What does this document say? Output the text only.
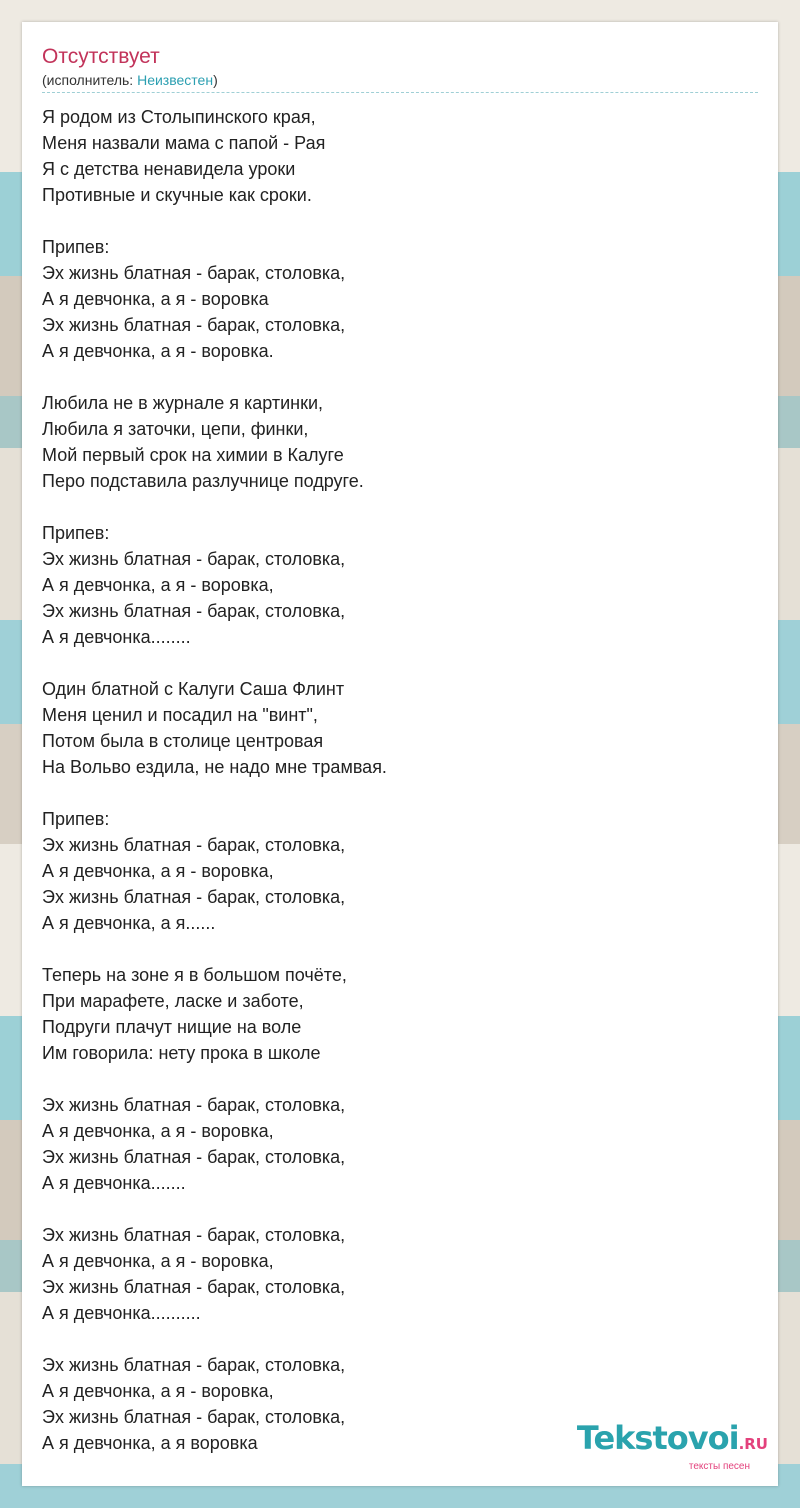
Отсутствует
(исполнитель: Неизвестен)
Я родом из Столыпинского края,
Меня назвали мама с папой - Рая
Я с детства ненавидела уроки
Противные и скучные как сроки.
Припев:
Эх жизнь блатная - барак, столовка,
А я девчонка, а я - воровка
Эх жизнь блатная - барак, столовка,
А я девчонка, а я - воровка.
Любила не в журнале я картинки,
Любила я заточки, цепи, финки,
Мой первый срок на химии в Калуге
Перо подставила разлучнице подруге.
Припев:
Эх жизнь блатная - барак, столовка,
А я девчонка, а я - воровка,
Эх жизнь блатная - барак, столовка,
А я девчонка........
Один блатной с Калуги Саша Флинт
Меня ценил и посадил на "винт",
Потом была в столице центровая
На Вольво ездила, не надо мне трамвая.
Припев:
Эх жизнь блатная - барак, столовка,
А я девчонка, а я - воровка,
Эх жизнь блатная - барак, столовка,
А я девчонка, а я......
Теперь на зоне я в большом почёте,
При марафете, ласке и заботе,
Подруги плачут нищие на воле
Им говорила: нету прока в школе
Эх жизнь блатная - барак, столовка,
А я девчонка, а я - воровка,
Эх жизнь блатная - барак, столовка,
А я девчонка.......
Эх жизнь блатная - барак, столовка,
А я девчонка, а я - воровка,
Эх жизнь блатная - барак, столовка,
А я девчонка..........
Эх жизнь блатная - барак, столовка,
А я девчонка, а я - воровка,
Эх жизнь блатная - барак, столовка,
А я девчонка, а я воровка	Tekstovoi.RU
тексты песен
